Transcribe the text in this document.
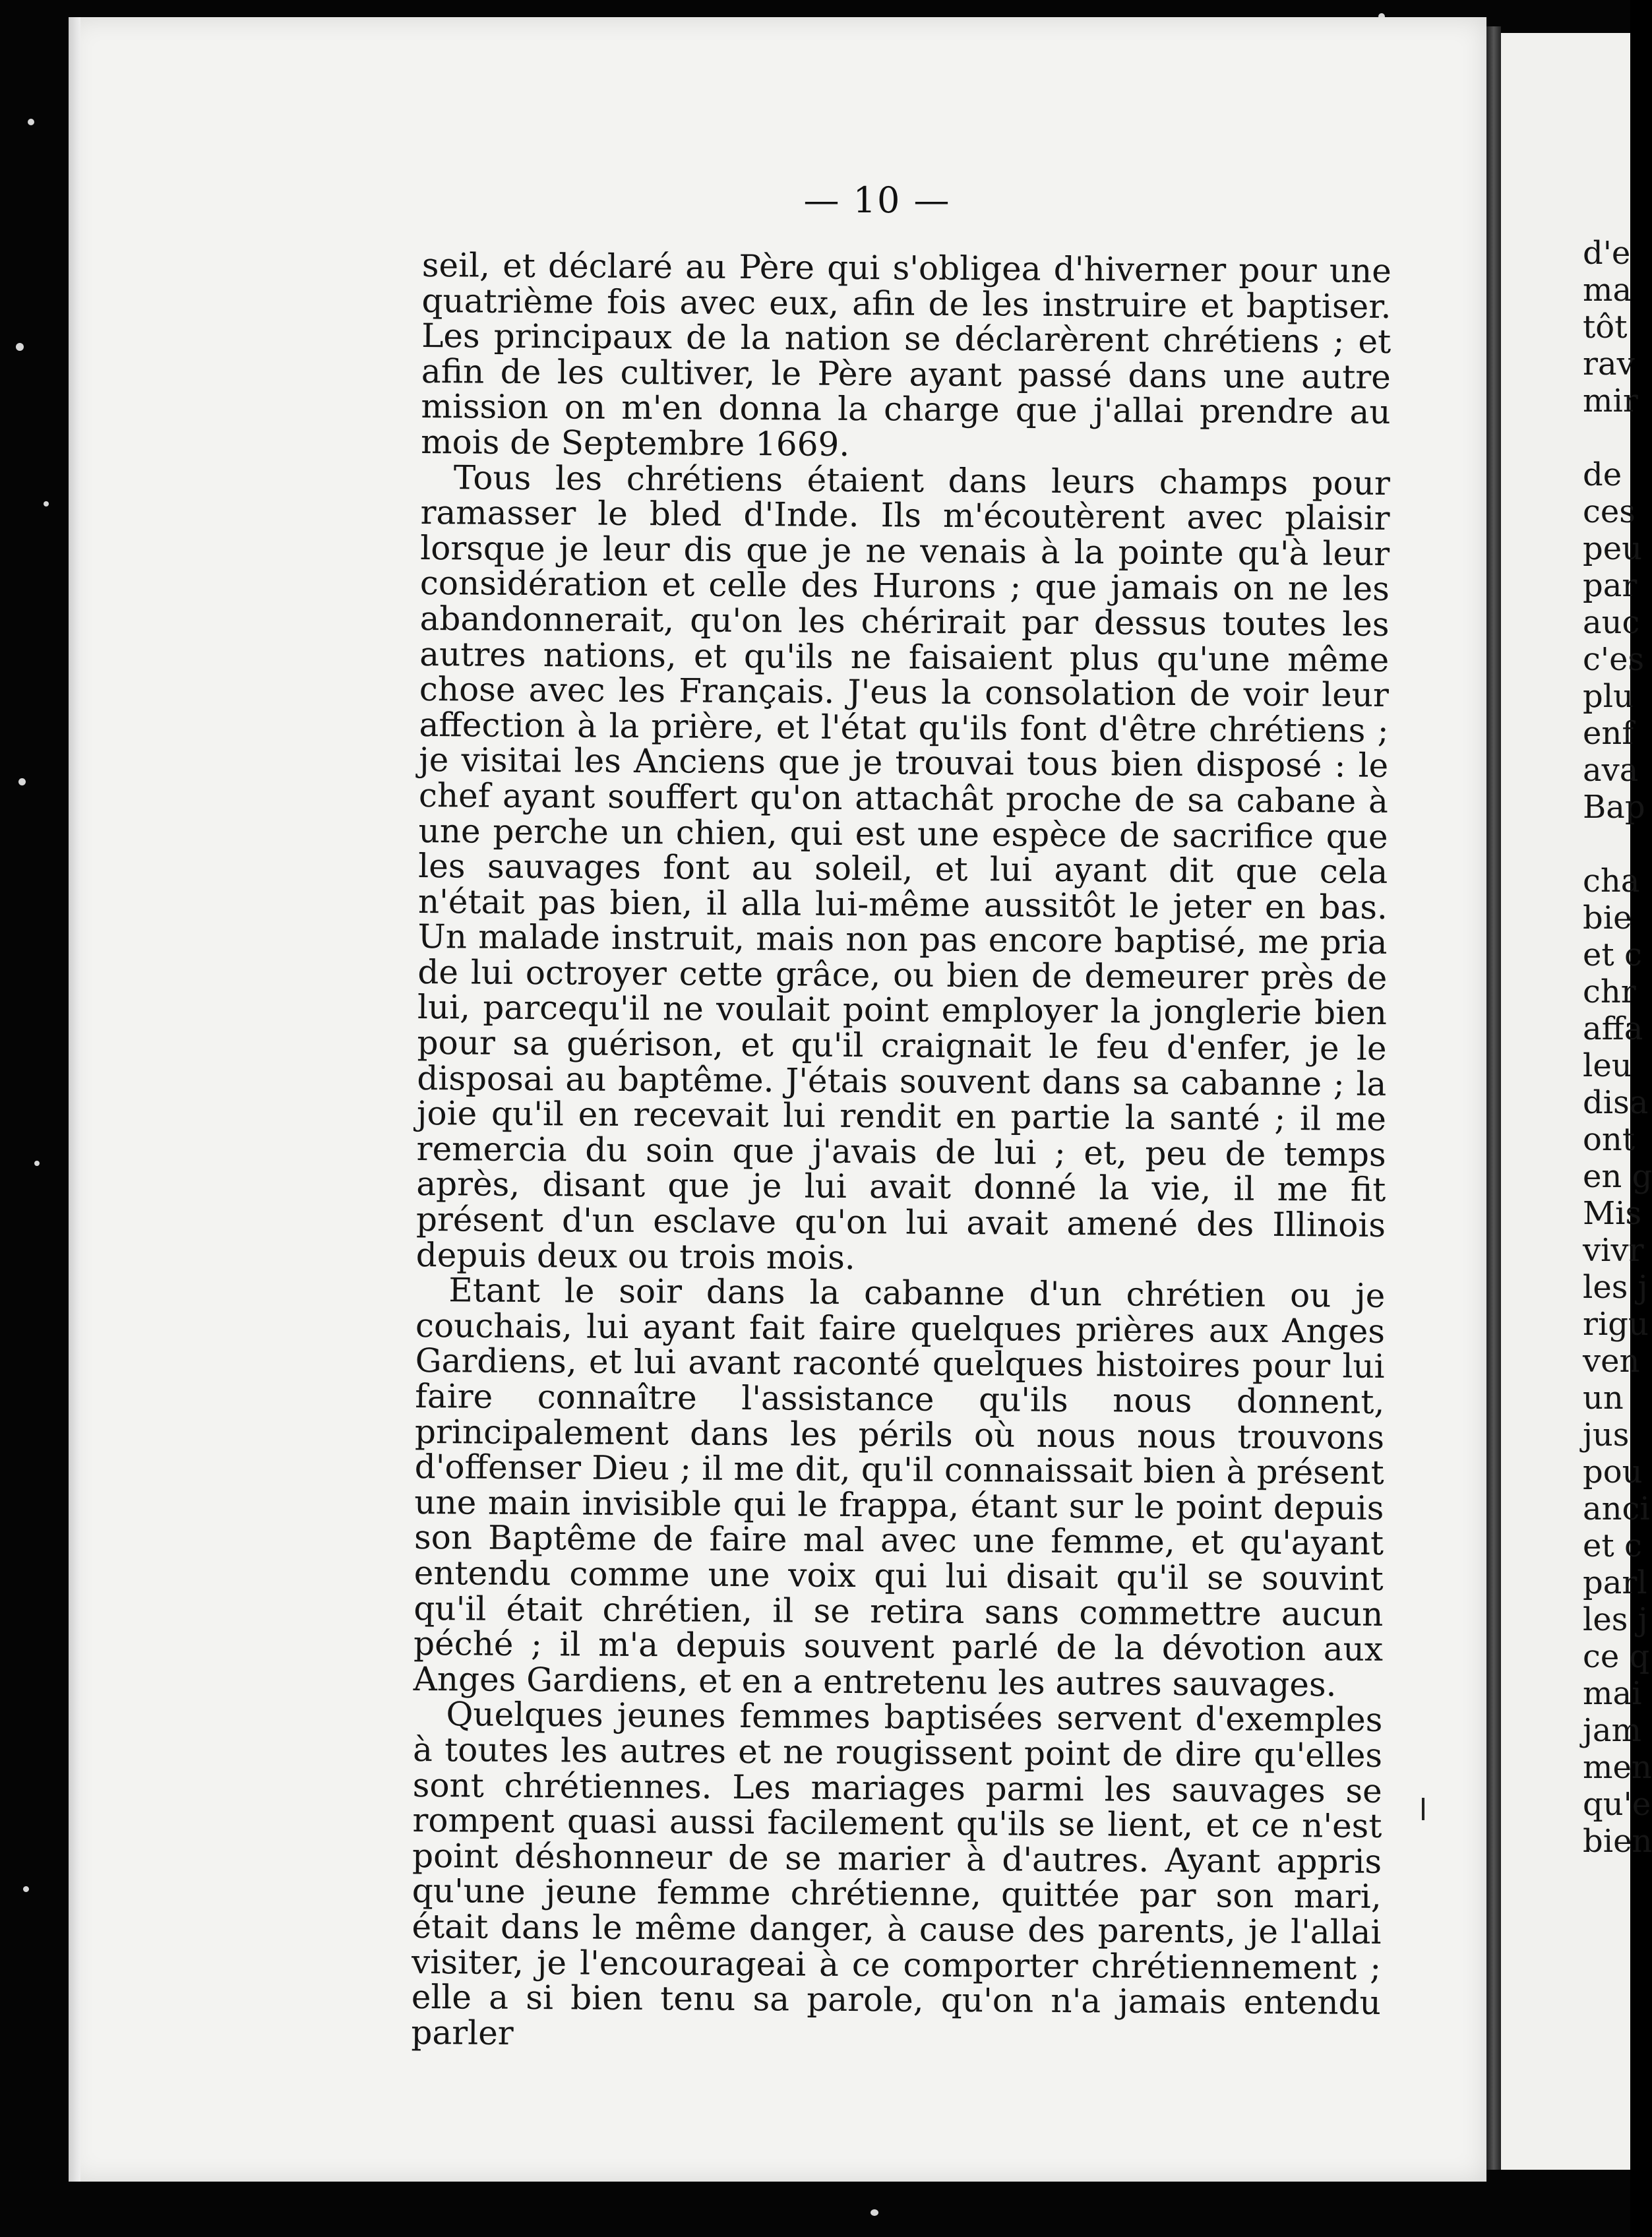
— 10 —

seil, et déclaré au Père qui s'obligea d'hiverner pour une quatrième fois avec eux, afin de les instruire et baptiser. Les principaux de la nation se déclarèrent chrétiens ; et afin de les cultiver, le Père ayant passé dans une autre mission on m'en donna la charge que j'allai prendre au mois de Septembre 1669.

Tous les chrétiens étaient dans leurs champs pour ramasser le bled d'Inde. Ils m'écoutèrent avec plaisir lorsque je leur dis que je ne venais à la pointe qu'à leur considération et celle des Hurons ; que jamais on ne les abandonnerait, qu'on les chérirait par dessus toutes les autres nations, et qu'ils ne faisaient plus qu'une même chose avec les Français. J'eus la consolation de voir leur affection à la prière, et l'état qu'ils font d'être chrétiens ; je visitai les Anciens que je trouvai tous bien disposé : le chef ayant souffert qu'on attachât proche de sa cabane à une perche un chien, qui est une espèce de sacrifice que les sauvages font au soleil, et lui ayant dit que cela n'était pas bien, il alla lui-même aussitôt le jeter en bas. Un malade instruit, mais non pas encore baptisé, me pria de lui octroyer cette grâce, ou bien de demeurer près de lui, parcequ'il ne voulait point employer la jonglerie bien pour sa guérison, et qu'il craignait le feu d'enfer, je le disposai au baptême. J'étais souvent dans sa cabanne ; la joie qu'il en recevait lui rendit en partie la santé ; il me remercia du soin que j'avais de lui ; et, peu de temps après, disant que je lui avait donné la vie, il me fit présent d'un esclave qu'on lui avait amené des Illinois depuis deux ou trois mois.

Etant le soir dans la cabanne d'un chrétien ou je couchais, lui ayant fait faire quelques prières aux Anges Gardiens, et lui avant raconté quelques histoires pour lui faire connaître l'assistance qu'ils nous donnent, principalement dans les périls où nous nous trouvons d'offenser Dieu ; il me dit, qu'il connaissait bien à présent une main invisible qui le frappa, étant sur le point depuis son Baptême de faire mal avec une femme, et qu'ayant entendu comme une voix qui lui disait qu'il se souvint qu'il était chrétien, il se retira sans commettre aucun péché ; il m'a depuis souvent parlé de la dévotion aux Anges Gardiens, et en a entretenu les autres sauvages.

Quelques jeunes femmes baptisées servent d'exemples à toutes les autres et ne rougissent point de dire qu'elles sont chrétiennes. Les mariages parmi les sauvages se rompent quasi aussi facilement qu'ils se lient, et ce n'est point déshonneur de se marier à d'autres. Ayant appris qu'une jeune femme chrétienne, quittée par son mari, était dans le même danger, à cause des parents, je l'allai visiter, je l'encourageai à ce comporter chrétiennement ; elle a si bien tenu sa parole, qu'on n'a jamais entendu parler

d'e
ma
tôt
rav
mir
de
ces
peu
par
auc
c'es
plu
enf
ava
Bap
cha
bie
et c
chr
affa
leu
disa
ont
en g
Mis
vivr
les j
rigu
ven
un
jus
pou
anci
et c
parl
les j
ce q
mai
jam
men
qu'e
bien
